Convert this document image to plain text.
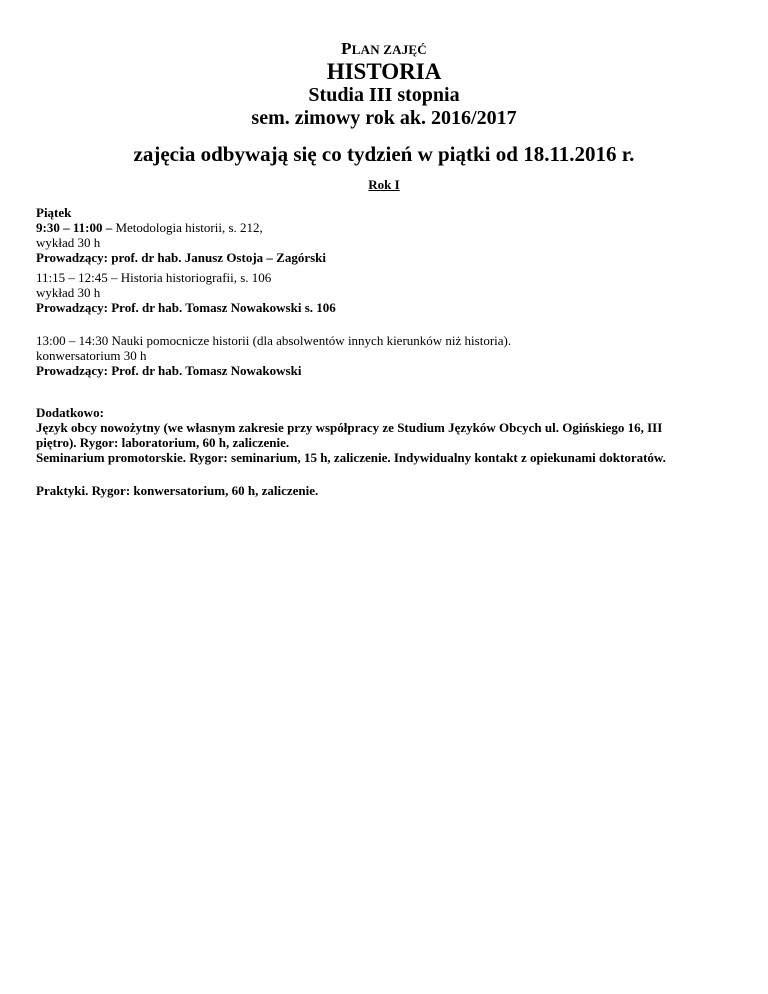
PLAN ZAJĘĆ
HISTORIA
Studia III stopnia
sem. zimowy rok ak. 2016/2017
zajęcia odbywają się co tydzień w piątki od 18.11.2016 r.
Rok I
Piątek
9:30 – 11:00 – Metodologia historii, s. 212,
wykład 30 h
Prowadzący: prof. dr hab. Janusz Ostoja – Zagórski
11:15 – 12:45 – Historia historiografii, s. 106
wykład 30 h
Prowadzący: Prof. dr hab. Tomasz Nowakowski s. 106
13:00 – 14:30 Nauki pomocnicze historii (dla absolwentów innych kierunków niż historia).
konwersatorium 30 h
Prowadzący: Prof. dr hab. Tomasz Nowakowski
Dodatkowo:
Język obcy nowożytny (we własnym zakresie przy współpracy ze Studium Języków Obcych ul. Ogińskiego 16, III
piętro). Rygor: laboratorium, 60 h, zaliczenie.
Seminarium promotorskie. Rygor: seminarium, 15 h, zaliczenie. Indywidualny kontakt z opiekunami doktoratów.
Praktyki. Rygor: konwersatorium, 60 h, zaliczenie.
